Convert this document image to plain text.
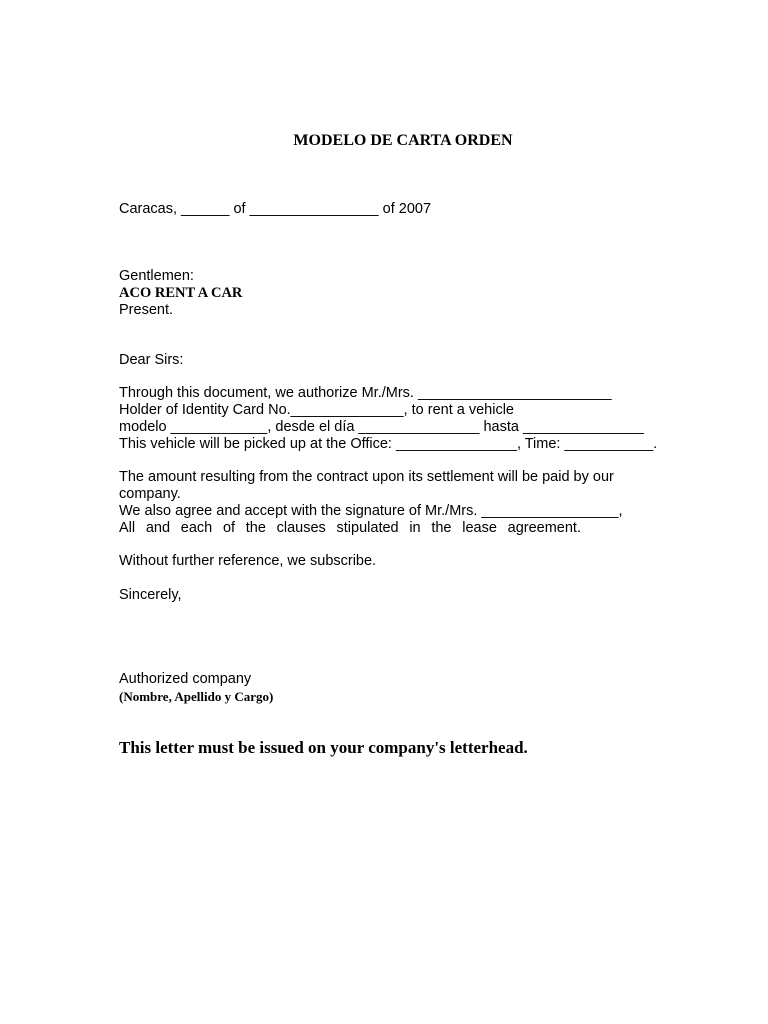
MODELO DE CARTA ORDEN
Caracas, ______ of ________________ of 2007
Gentlemen:
ACO RENT A CAR
Present.
Dear Sirs:
Through this document, we authorize Mr./Mrs. ________________________
Holder of Identity Card No.______________, to rent a vehicle
modelo ____________, desde el día _______________ hasta _______________
This vehicle will be picked up at the Office: _______________, Time: ___________.
The amount resulting from the contract upon its settlement will be paid by our
company.
We also agree and accept with the signature of Mr./Mrs. _________________,
All and each of the clauses stipulated in the lease agreement.
Without further reference, we subscribe.
Sincerely,
Authorized company
(Nombre, Apellido y Cargo)
This letter must be issued on your company's letterhead.
